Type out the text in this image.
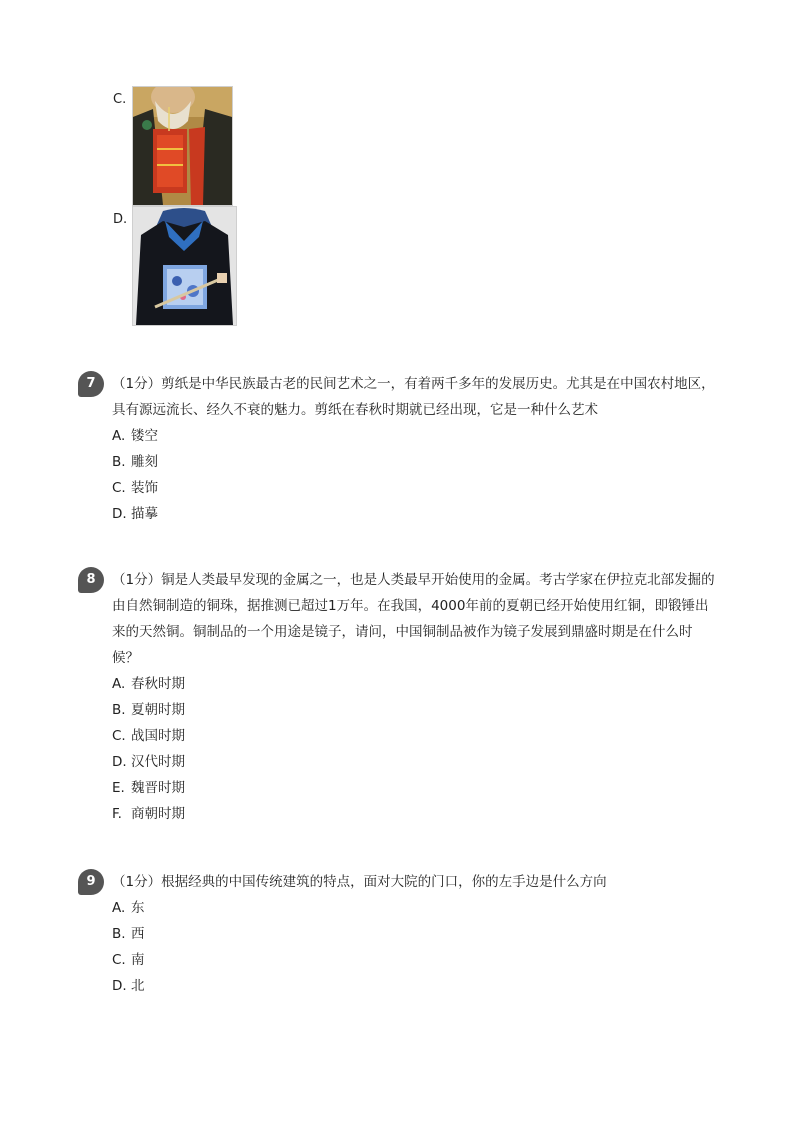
C.
D.
7	（1分）剪纸是中华民族最古老的民间艺术之一，有着两千多年的发展历史。尤其是在中国农村地区，具有源远流长、经久不衰的魅力。剪纸在春秋时期就已经出现，它是一种什么艺术
A. 镂空
B. 雕刻
C. 装饰
D. 描摹
8	（1分）铜是人类最早发现的金属之一，也是人类最早开始使用的金属。考古学家在伊拉克北部发掘的由自然铜制造的铜珠，据推测已超过1万年。在我国，4000年前的夏朝已经开始使用红铜，即锻锤出来的天然铜。铜制品的一个用途是镜子，请问，中国铜制品被作为镜子发展到鼎盛时期是在什么时候？
A. 春秋时期
B. 夏朝时期
C. 战国时期
D. 汉代时期
E. 魏晋时期
F. 商朝时期
9	（1分）根据经典的中国传统建筑的特点，面对大院的门口，你的左手边是什么方向
A. 东
B. 西
C. 南
D. 北
